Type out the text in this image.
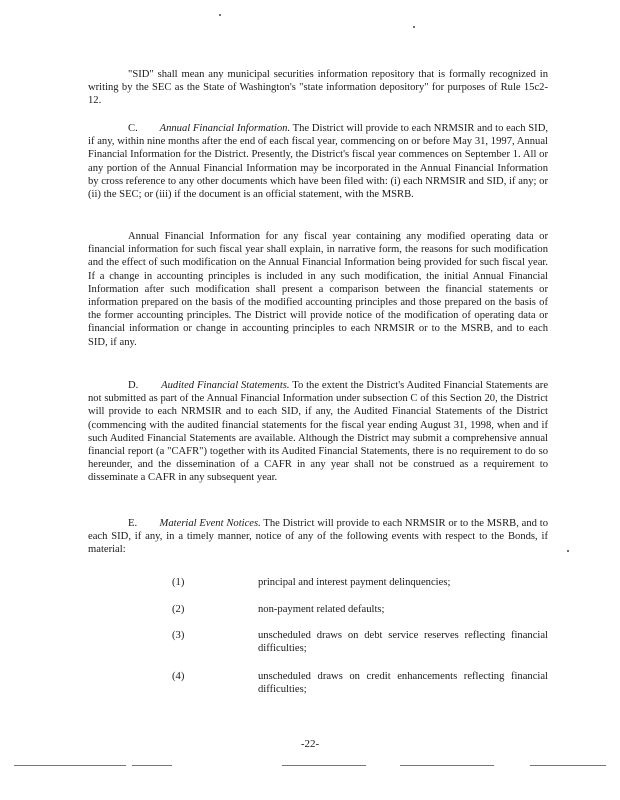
"SID" shall mean any municipal securities information repository that is formally recognized in writing by the SEC as the State of Washington's "state information depository" for purposes of Rule 15c2-12.

C. Annual Financial Information. The District will provide to each NRMSIR and to each SID, if any, within nine months after the end of each fiscal year, commencing on or before May 31, 1997, Annual Financial Information for the District. Presently, the District's fiscal year commences on September 1. All or any portion of the Annual Financial Information may be incorporated in the Annual Financial Information by cross reference to any other documents which have been filed with: (i) each NRMSIR and SID, if any; or (ii) the SEC; or (iii) if the document is an official statement, with the MSRB.

Annual Financial Information for any fiscal year containing any modified operating data or financial information for such fiscal year shall explain, in narrative form, the reasons for such modification and the effect of such modification on the Annual Financial Information being provided for such fiscal year. If a change in accounting principles is included in any such modification, the initial Annual Financial Information after such modification shall present a comparison between the financial statements or information prepared on the basis of the modified accounting principles and those prepared on the basis of the former accounting principles. The District will provide notice of the modification of operating data or financial information or change in accounting principles to each NRMSIR or to the MSRB, and to each SID, if any.

D. Audited Financial Statements. To the extent the District's Audited Financial Statements are not submitted as part of the Annual Financial Information under subsection C of this Section 20, the District will provide to each NRMSIR and to each SID, if any, the Audited Financial Statements of the District (commencing with the audited financial statements for the fiscal year ending August 31, 1998, when and if such Audited Financial Statements are available. Although the District may submit a comprehensive annual financial report (a "CAFR") together with its Audited Financial Statements, there is no requirement to do so hereunder, and the dissemination of a CAFR in any year shall not be construed as a requirement to disseminate a CAFR in any subsequent year.

E. Material Event Notices. The District will provide to each NRMSIR or to the MSRB, and to each SID, if any, in a timely manner, notice of any of the following events with respect to the Bonds, if material:

(1)	principal and interest payment delinquencies;
(2)	non-payment related defaults;
(3)	unscheduled draws on debt service reserves reflecting financial difficulties;
(4)	unscheduled draws on credit enhancements reflecting financial difficulties;
-22-
